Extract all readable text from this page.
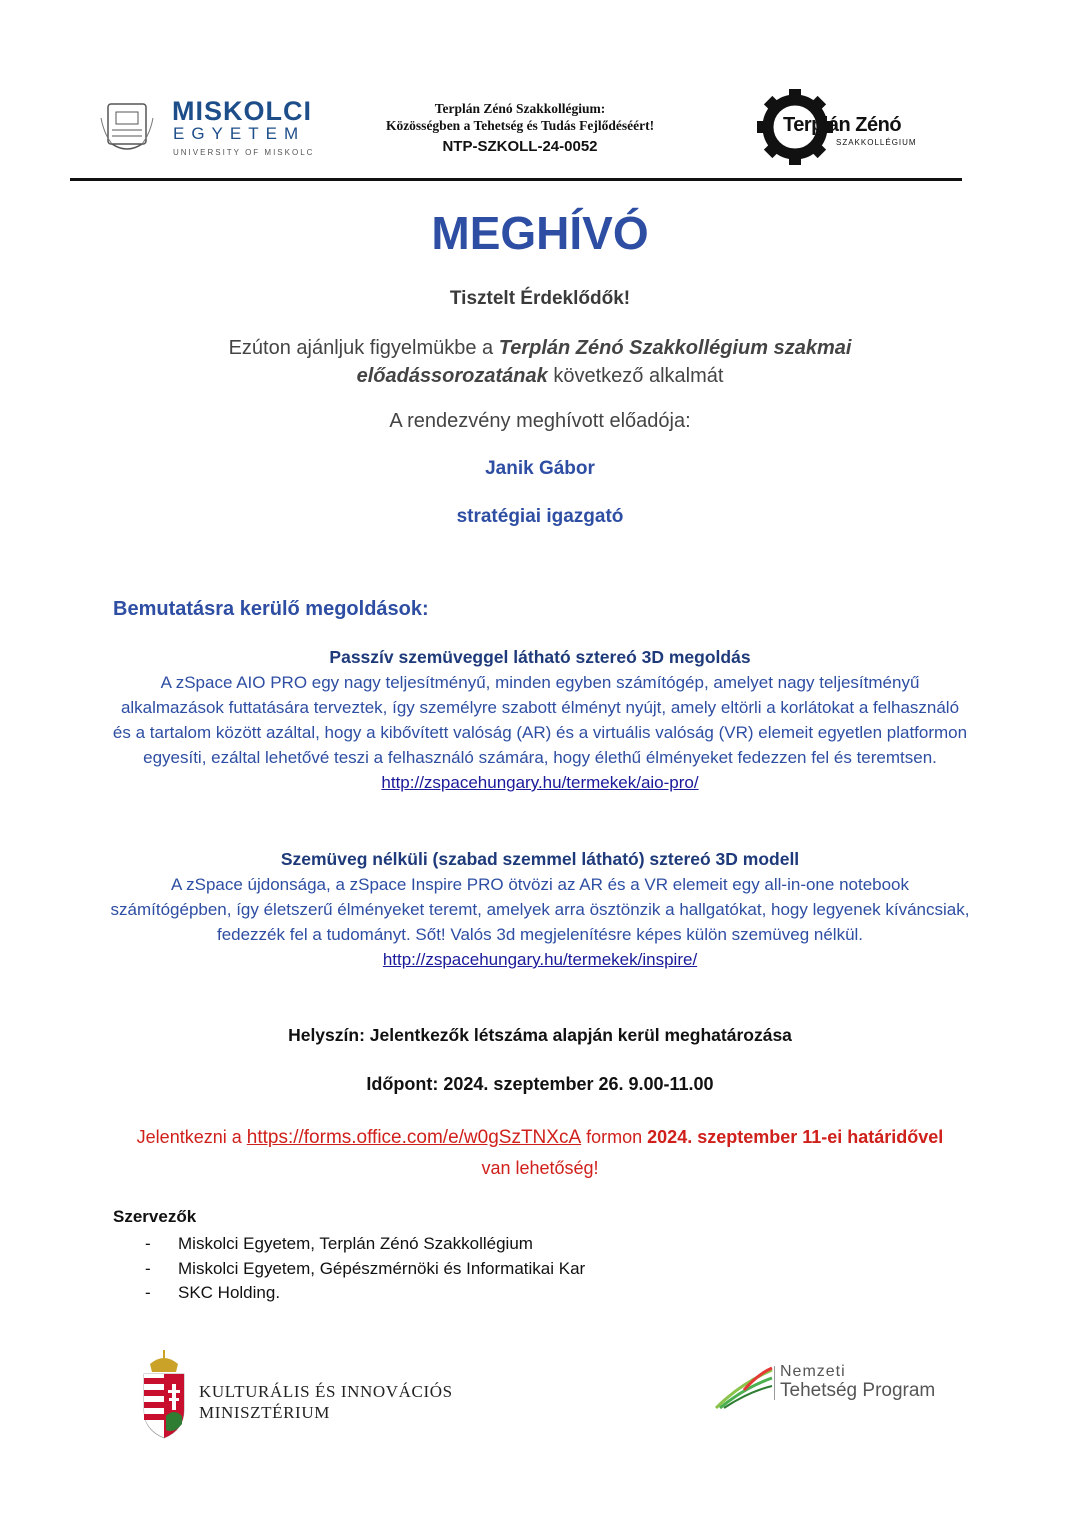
MISKOLCI
EGYETEM
UNIVERSITY OF MISKOLC
Terplán Zénó Szakkollégium:
Közösségben a Tehetség és Tudás Fejlődéséért!
NTP-SZKOLL-24-0052
Terplán Zénó
SZAKKOLLÉGIUM
MEGHÍVÓ
Tisztelt Érdeklődők!
Ezúton ajánljuk figyelmükbe a Terplán Zénó Szakkollégium szakmai előadássorozatának következő alkalmát
A rendezvény meghívott előadója:
Janik Gábor
stratégiai igazgató
Bemutatásra kerülő megoldások:
Passzív szemüveggel látható sztereó 3D megoldás
A zSpace AIO PRO egy nagy teljesítményű, minden egyben számítógép, amelyet nagy teljesítményű alkalmazások futtatására terveztek, így személyre szabott élményt nyújt, amely eltörli a korlátokat a felhasználó és a tartalom között azáltal, hogy a kibővített valóság (AR) és a virtuális valóság (VR) elemeit egyetlen platformon egyesíti, ezáltal lehetővé teszi a felhasználó számára, hogy élethű élményeket fedezzen fel és teremtsen.
http://zspacehungary.hu/termekek/aio-pro/
Szemüveg nélküli (szabad szemmel látható) sztereó 3D modell
A zSpace újdonsága, a zSpace Inspire PRO ötvözi az AR és a VR elemeit egy all-in-one notebook számítógépben, így életszerű élményeket teremt, amelyek arra ösztönzik a hallgatókat, hogy legyenek kíváncsiak, fedezzék fel a tudományt. Sőt! Valós 3d megjelenítésre képes külön szemüveg nélkül.
http://zspacehungary.hu/termekek/inspire/
Helyszín: Jelentkezők létszáma alapján kerül meghatározása
Időpont: 2024. szeptember 26. 9.00-11.00
Jelentkezni a https://forms.office.com/e/w0gSzTNXcA formon 2024. szeptember 11-ei határidővel van lehetőség!
Szervezők
- Miskolci Egyetem, Terplán Zénó Szakkollégium
- Miskolci Egyetem, Gépészmérnöki és Informatikai Kar
- SKC Holding.
KULTURÁLIS ÉS INNOVÁCIÓS
MINISZTÉRIUM
Nemzeti
Tehetség Program
